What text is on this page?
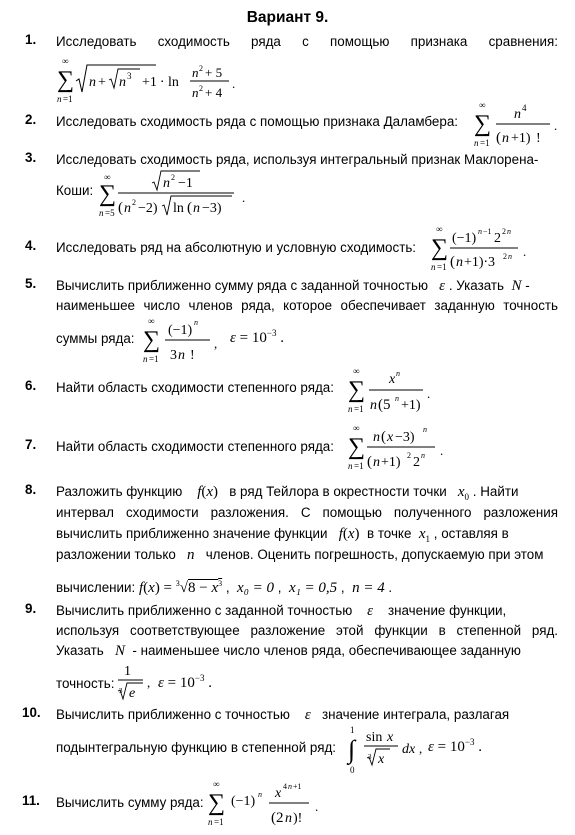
Вариант 9.
1. Исследовать сходимость ряда с помощью признака сравнения:
∞
∑
n =1
n + n 3 +1 ⋅ ln
n 2 + 5
n 2 + 4
.
2. Исследовать сходимость ряда с помощью признака Даламбера:
∞
∑
n =1
n 4
( n +1) !
.
3. Исследовать сходимость ряда, используя интегральный признак Маклорена-
Коши:
∞
∑
n =5
n 2 −1
( n 2 −2) ln ( n −3)
.
4. Исследовать ряд на абсолютную и условную сходимость:
∞
∑
n =1
(−1) n −1 2 2 n
( n +1)⋅3 2 n .
5. Вычислить приближенно сумму ряда с заданной точностью ε . Указать N -
наименьшее число членов ряда, которое обеспечивает заданную точность
суммы ряда:
∞
∑
n =1
(−1)
n
3 n !
, $\varepsilon = 10^{-3}$ .
6. Найти область сходимости степенного ряда:
∞
∑
n =1
x n
n (5 n +1)
.
7. Найти область сходимости степенного ряда:
∞
∑
n =1
n ( x −3)
n
( n +1) 2 2 n .
8. Разложить функцию f(x) в ряд Тейлора в окрестности точки $x_0$ . Найти
интервал сходимости разложения. С помощью полученного разложения
вычислить приближенно значение функции f(x) в точке $x_1$ , оставляя в
разложении только n членов. Оценить погрешность, допускаемую при этом
вычислении: $f(x) = ^3√8 - x^3$ ,  x₀ = 0 ,  x₁ = 0,5 ,  n = 4 .
9. Вычислить приближенно с заданной точностью ε значение функции,
используя соответствующее разложение этой функции в степенной ряд.
Указать N - наименьшее число членов ряда, обеспечивающее заданную
точность:
1
3 e
, $\varepsilon = 10^{-3}$ .
10. Вычислить приближенно с точностью ε значение интеграла, разлагая
подынтегральную функцию в степенной ряд:
1
∫
0
sin x
3 x
dx , $\varepsilon = 10^{-3}$ .
11. Вычислить сумму ряда:
∞
∑
n =1
(−1) n x 4 n +1
(2 n )!
.
